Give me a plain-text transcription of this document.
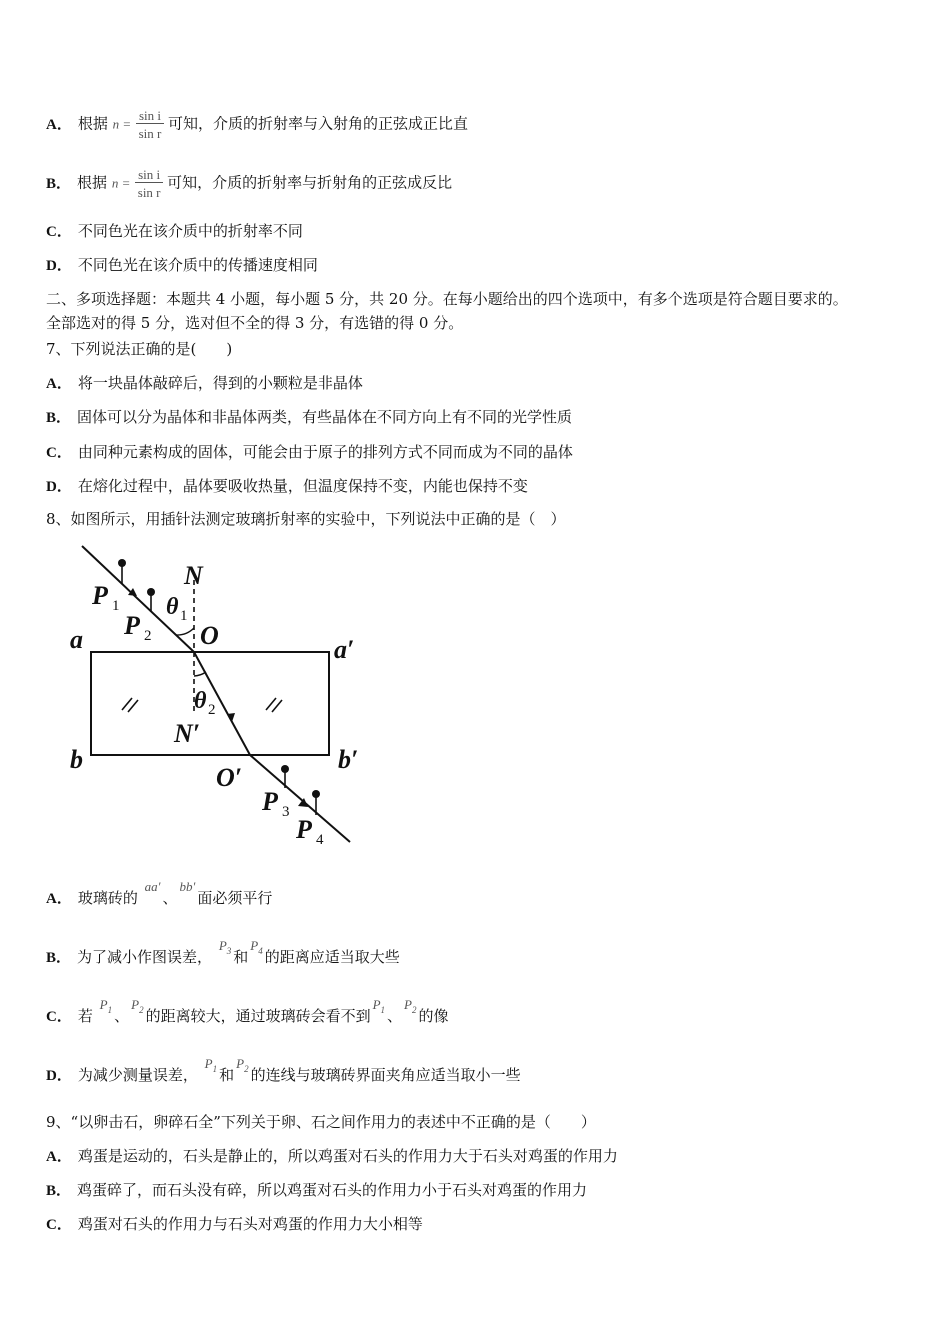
A． 根据 $n = \frac{\text{sin i}}{\text{sin r}}$ 可知，介质的折射率与入射角的正弦成正比直
B． 根据 $n = \frac{\text{sin i}}{\text{sin r}}$ 可知，介质的折射率与折射角的正弦成反比
C． 不同色光在该介质中的折射率不同
D． 不同色光在该介质中的传播速度相同
二、多项选择题：本题共 4 小题，每小题 5 分，共 20 分。在每小题给出的四个选项中，有多个选项是符合题目要求的。
全部选对的得 5 分，选对但不全的得 3 分，有选错的得 0 分。
7、下列说法正确的是(　　)
A． 将一块晶体敲碎后，得到的小颗粒是非晶体
B． 固体可以分为晶体和非晶体两类，有些晶体在不同方向上有不同的光学性质
C． 由同种元素构成的固体，可能会由于原子的排列方式不同而成为不同的晶体
D． 在熔化过程中，晶体要吸收热量，但温度保持不变，内能也保持不变
8、如图所示，用插针法测定玻璃折射率的实验中，下列说法中正确的是（　）
N
O
a	a′
b	b′
N′
O′
P 1
P 2
P 3
P 4
θ 1
θ 2
A． 玻璃砖的 aa′、bb′面必须平行
B． 为了减小作图误差， $P_3$ 和$P_4$ 的距离应适当取大些
C． 若 $P_1$ 、$P_2$ 的距离较大，通过玻璃砖会看不到$P_1$ 、$P_2$ 的像
D． 为减少测量误差， $P_1$ 和$P_2$ 的连线与玻璃砖界面夹角应适当取小一些
9、“以卵击石，卵碎石全”下列关于卵、石之间作用力的表述中不正确的是（　　）
A． 鸡蛋是运动的，石头是静止的，所以鸡蛋对石头的作用力大于石头对鸡蛋的作用力
B． 鸡蛋碎了，而石头没有碎，所以鸡蛋对石头的作用力小于石头对鸡蛋的作用力
C． 鸡蛋对石头的作用力与石头对鸡蛋的作用力大小相等
